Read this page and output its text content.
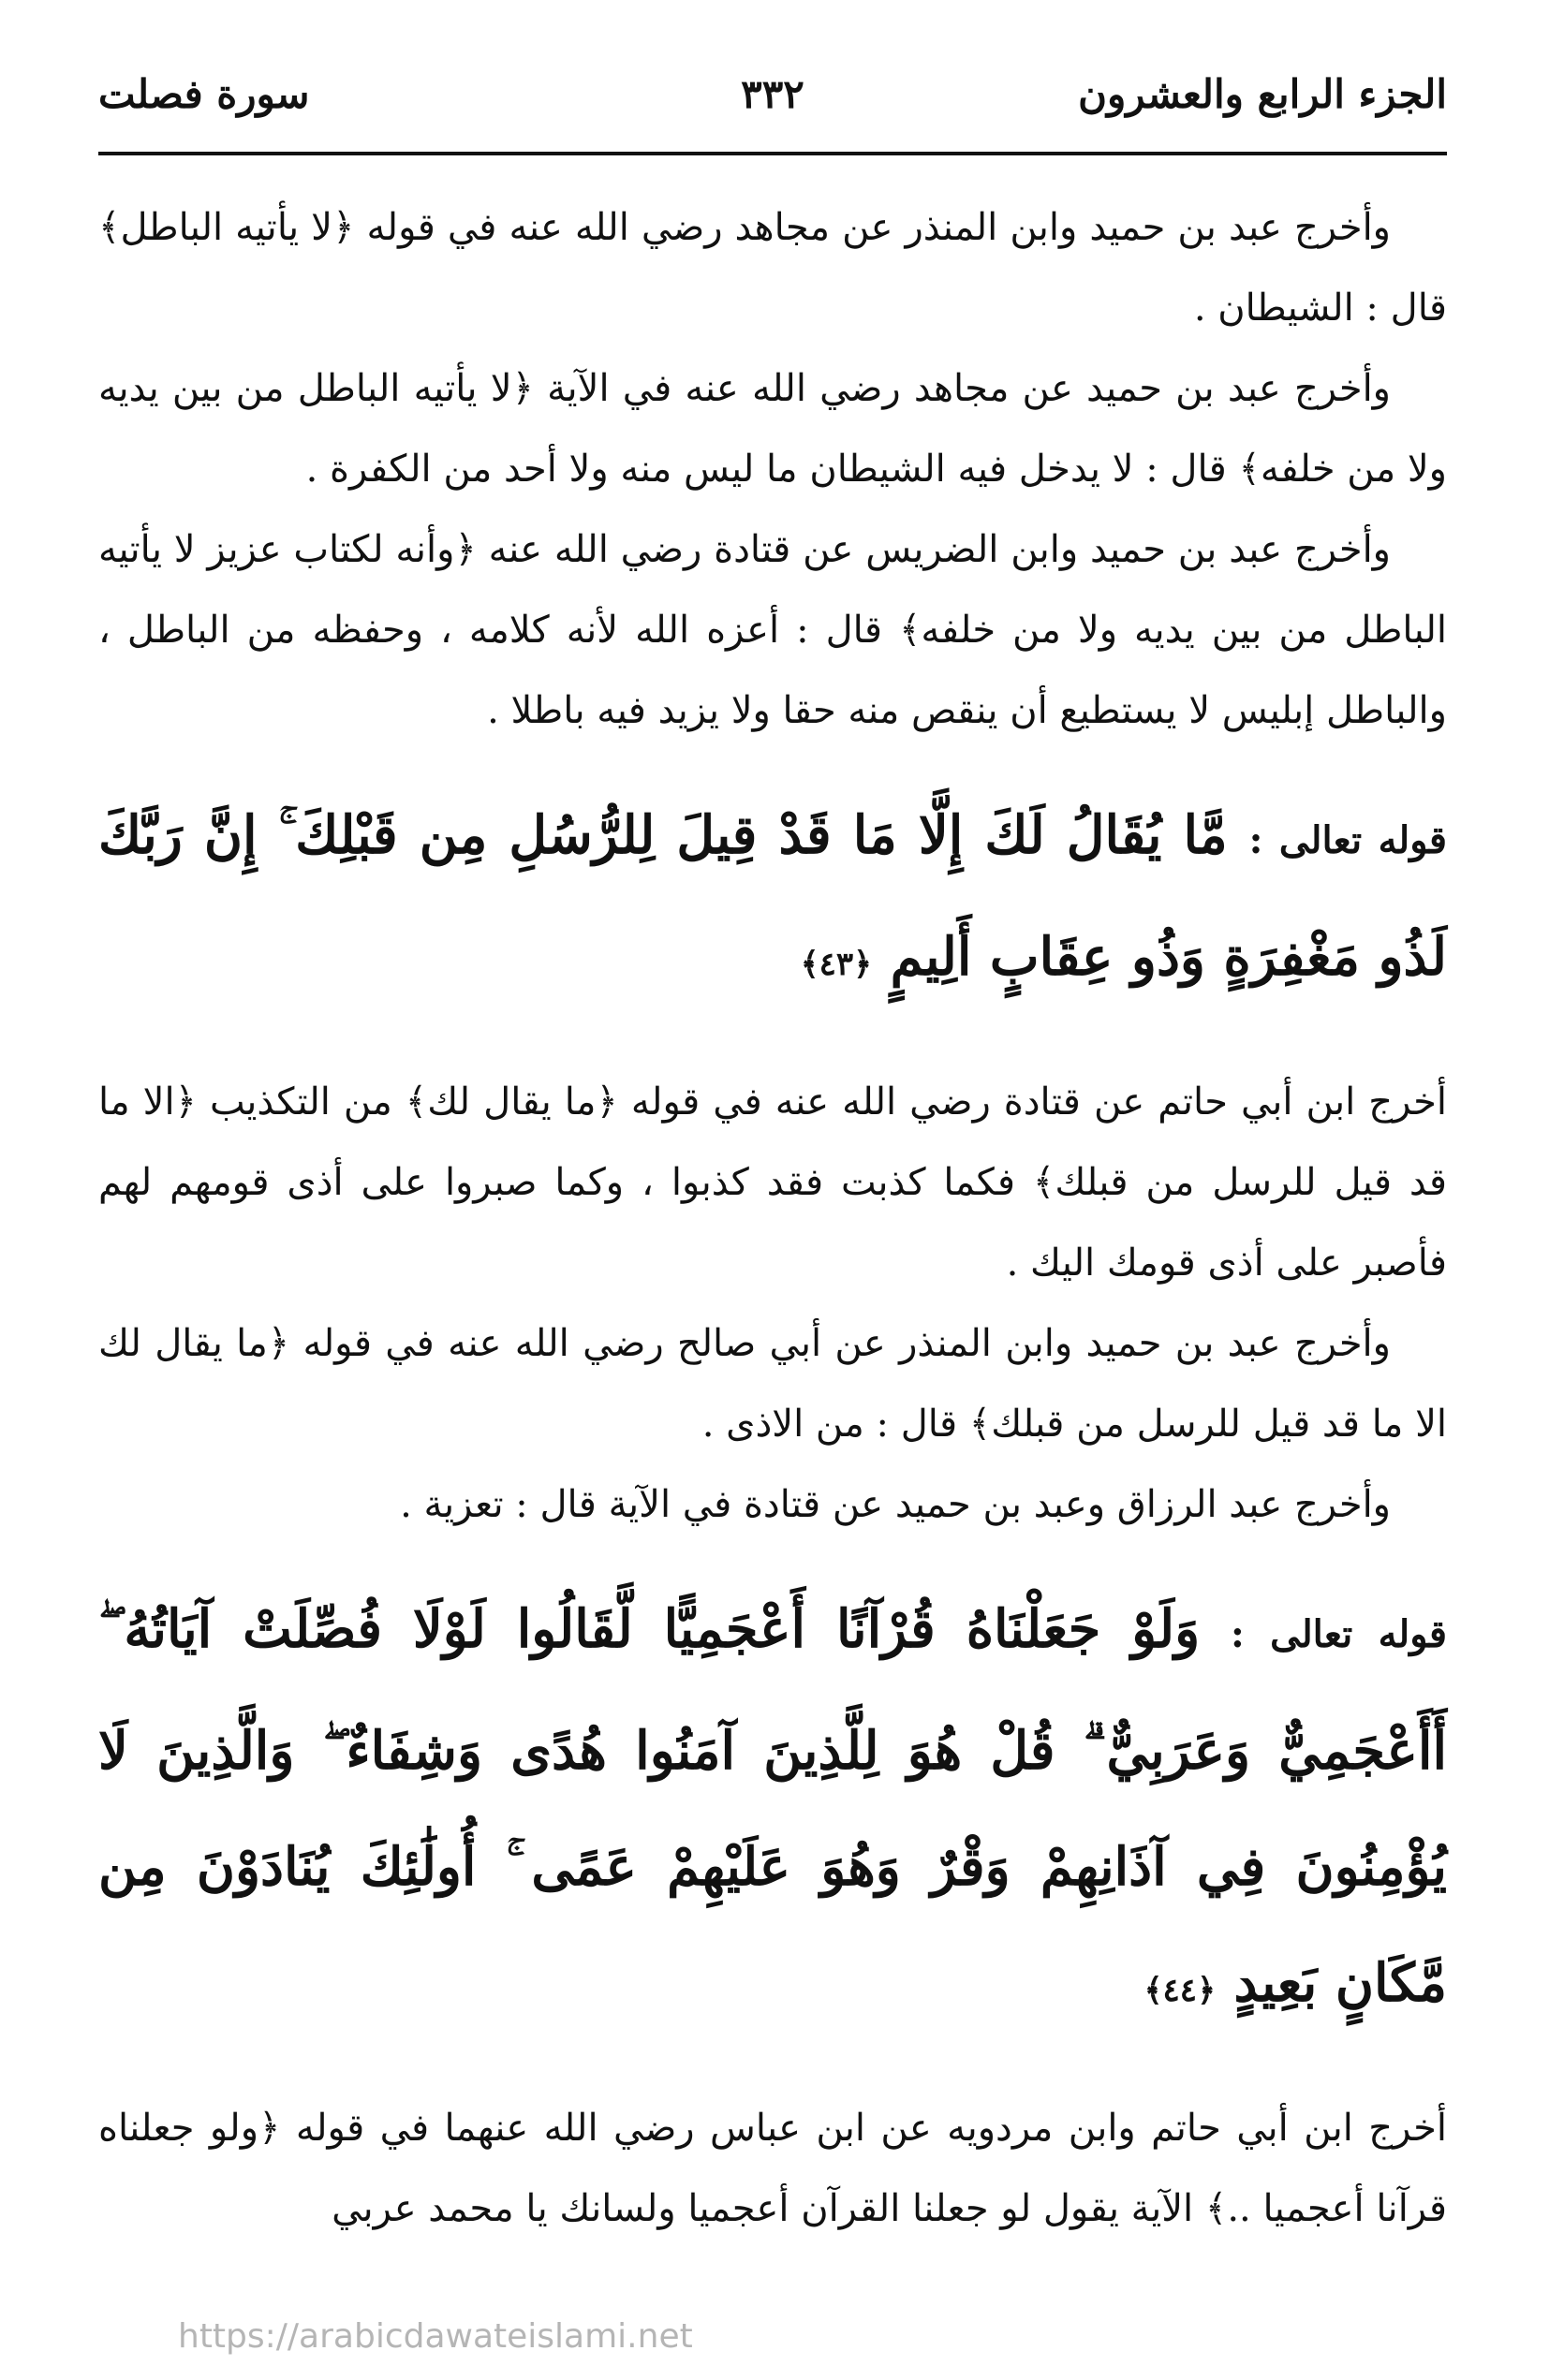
الجزء الرابع والعشرون
٣٣٢
سورة فصلت

وأخرج عبد بن حميد وابن المنذر عن مجاهد رضي الله عنه في قوله ﴿لا يأتيه الباطل﴾ قال : الشيطان .

وأخرج عبد بن حميد عن مجاهد رضي الله عنه في الآية ﴿لا يأتيه الباطل من بين يديه ولا من خلفه﴾ قال : لا يدخل فيه الشيطان ما ليس منه ولا أحد من الكفرة .

وأخرج عبد بن حميد وابن الضريس عن قتادة رضي الله عنه ﴿وأنه لكتاب عزيز لا يأتيه الباطل من بين يديه ولا من خلفه﴾ قال : أعزه الله لأنه كلامه ، وحفظه من الباطل ، والباطل إبليس لا يستطيع أن ينقص منه حقا ولا يزيد فيه باطلا .

قوله تعالى : مَّا يُقَالُ لَكَ إِلَّا مَا قَدْ قِيلَ لِلرُّسُلِ مِن قَبْلِكَ ۚ إِنَّ رَبَّكَ لَذُو مَغْفِرَةٍ وَذُو عِقَابٍ أَلِيمٍ ﴿٤٣﴾

أخرج ابن أبي حاتم عن قتادة رضي الله عنه في قوله ﴿ما يقال لك﴾ من التكذيب ﴿الا ما قد قيل للرسل من قبلك﴾ فكما كذبت فقد كذبوا ، وكما صبروا على أذى قومهم لهم فأصبر على أذى قومك اليك .

وأخرج عبد بن حميد وابن المنذر عن أبي صالح رضي الله عنه في قوله ﴿ما يقال لك الا ما قد قيل للرسل من قبلك﴾ قال : من الاذى .

وأخرج عبد الرزاق وعبد بن حميد عن قتادة في الآية قال : تعزية .

قوله تعالى : وَلَوْ جَعَلْنَاهُ قُرْآنًا أَعْجَمِيًّا لَّقَالُوا لَوْلَا فُصِّلَتْ آيَاتُهُ ۖ أَأَعْجَمِيٌّ وَعَرَبِيٌّ ۗ قُلْ هُوَ لِلَّذِينَ آمَنُوا هُدًى وَشِفَاءٌ ۖ وَالَّذِينَ لَا يُؤْمِنُونَ فِي آذَانِهِمْ وَقْرٌ وَهُوَ عَلَيْهِمْ عَمًى ۚ أُولَٰئِكَ يُنَادَوْنَ مِن مَّكَانٍ بَعِيدٍ ﴿٤٤﴾

أخرج ابن أبي حاتم وابن مردويه عن ابن عباس رضي الله عنهما في قوله ﴿ولو جعلناه قرآنا أعجميا ..﴾ الآية يقول لو جعلنا القرآن أعجميا ولسانك يا محمد عربي

https://arabicdawateislami.net
